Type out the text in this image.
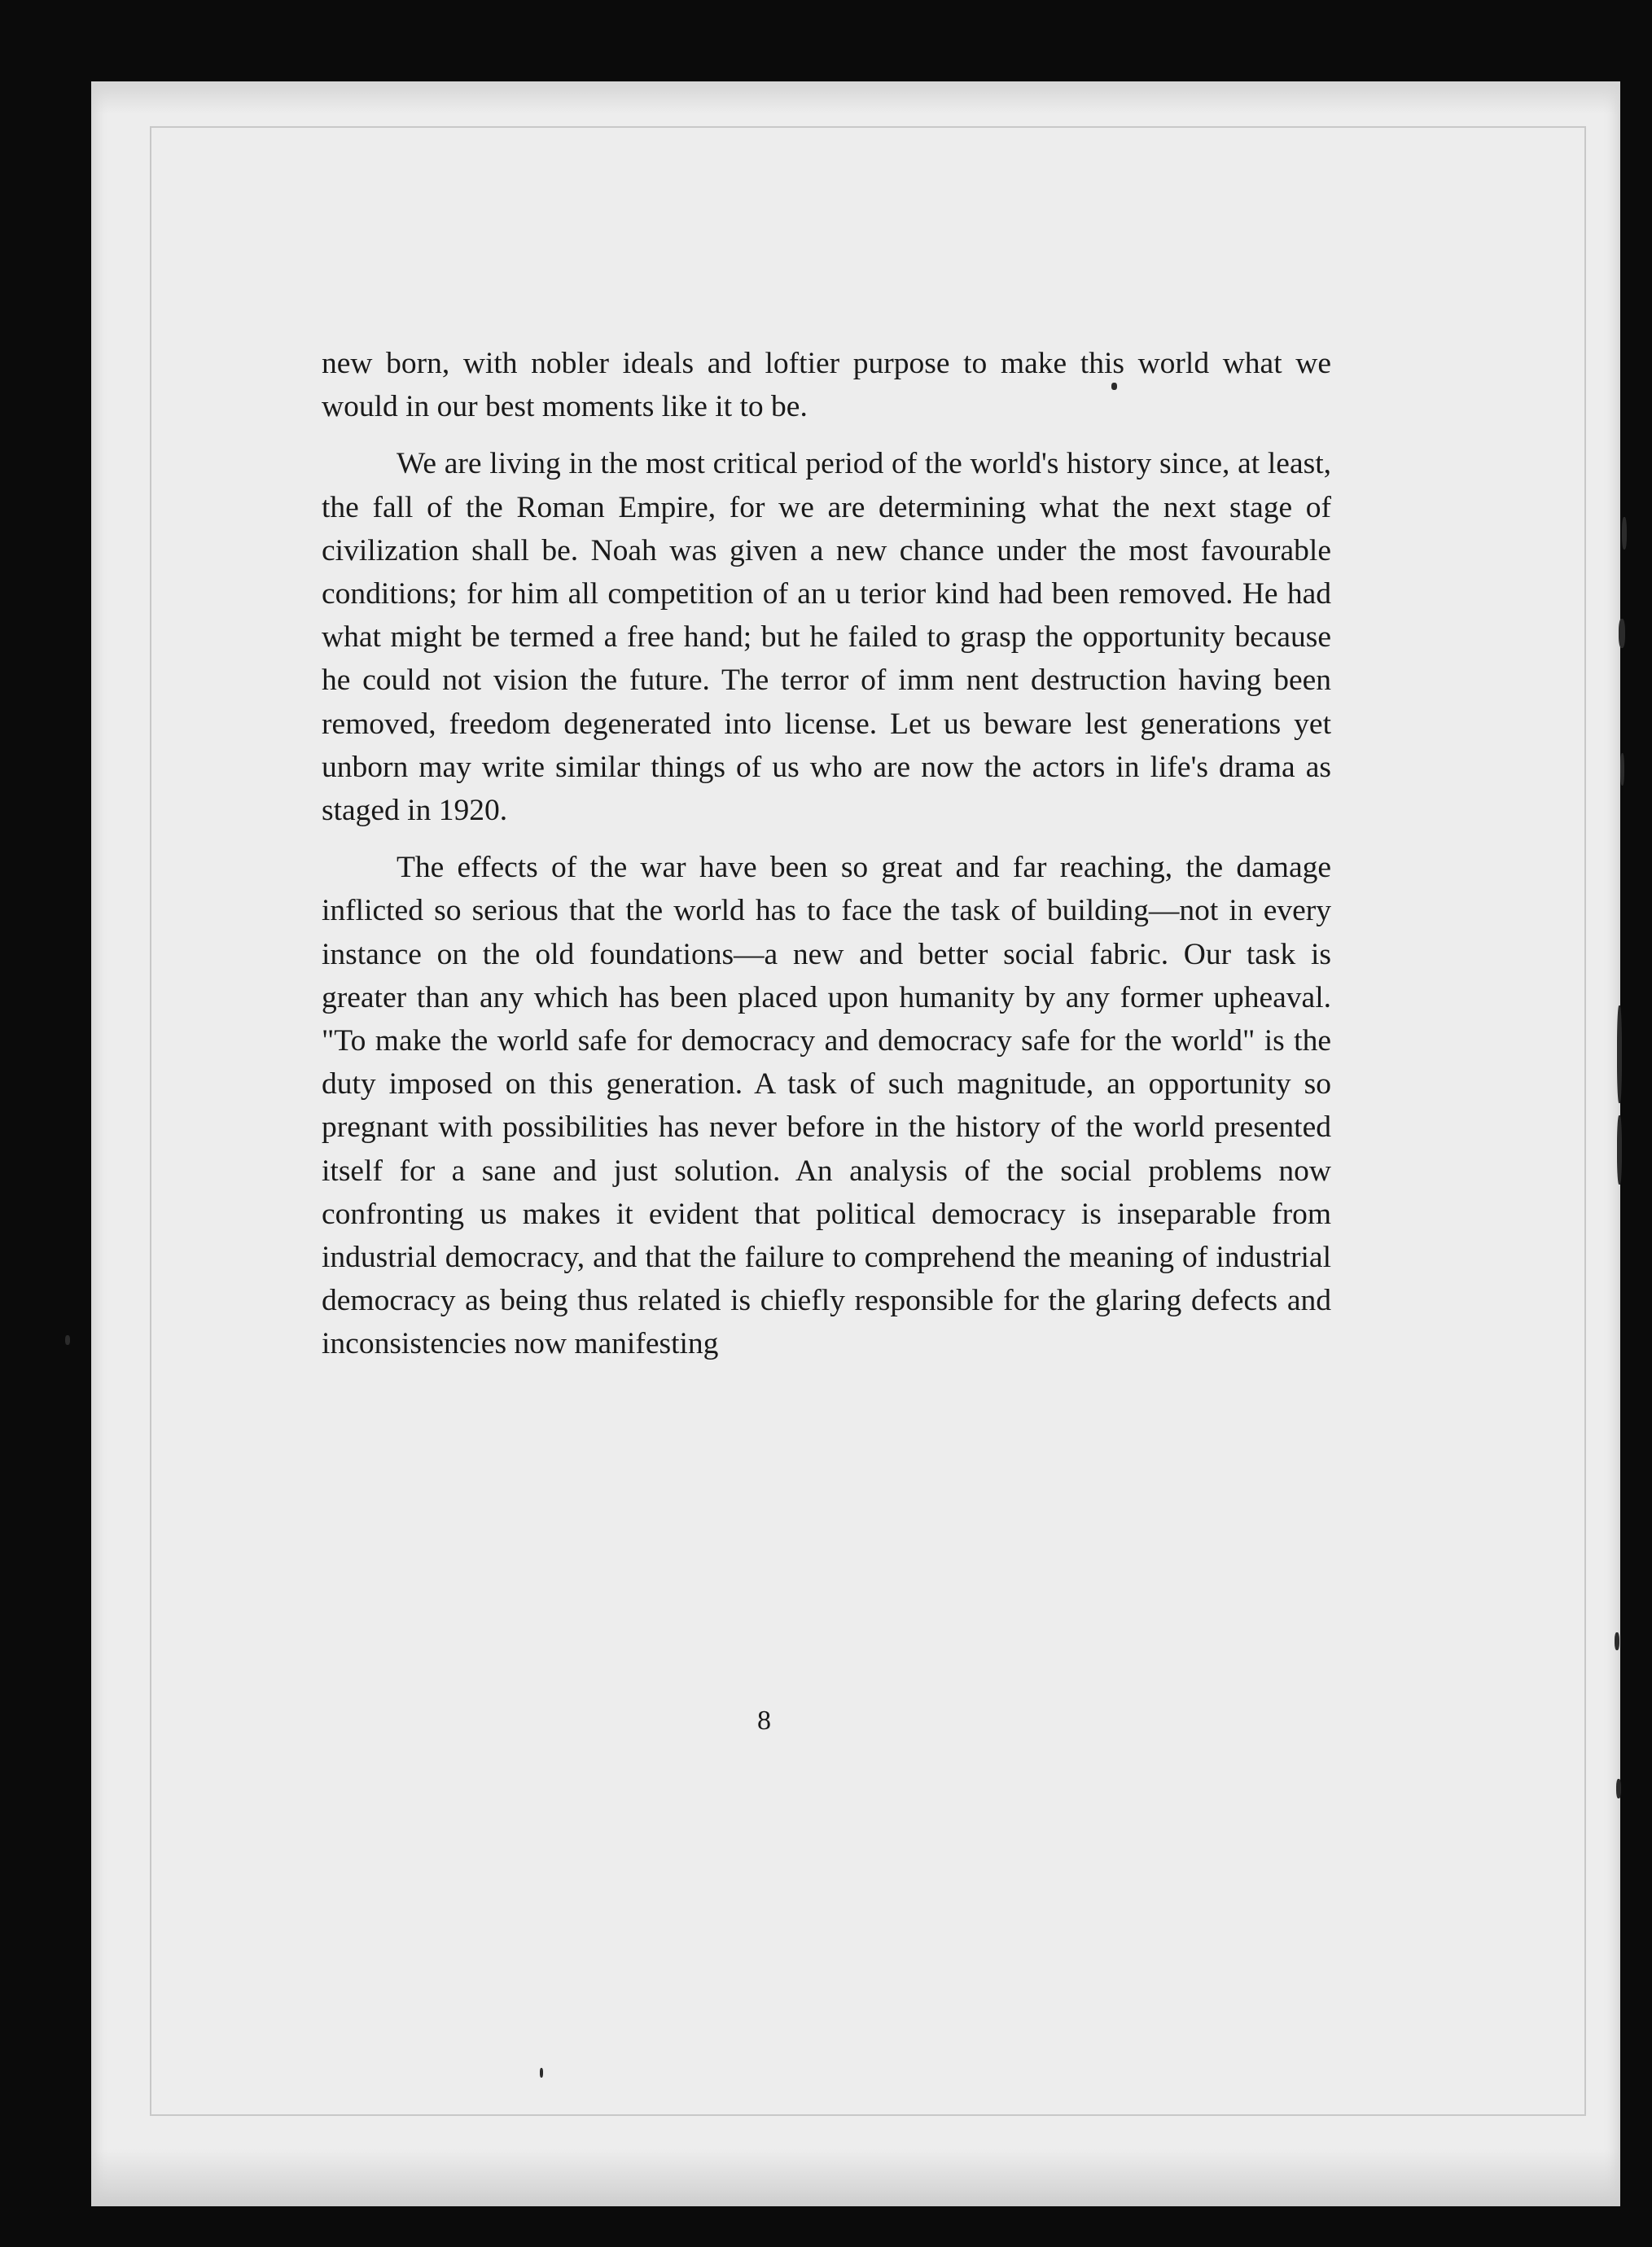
new born, with nobler ideals and loftier purpose to make this world what we would in our best moments like it to be.

We are living in the most critical period of the world's history since, at least, the fall of the Roman Empire, for we are determining what the next stage of civilization shall be. Noah was given a new chance under the most favourable conditions; for him all competition of an u terior kind had been removed. He had what might be termed a free hand; but he failed to grasp the opportunity because he could not vision the future. The terror of imm nent destruction having been removed, freedom degenerated into license. Let us beware lest generations yet unborn may write similar things of us who are now the actors in life's drama as staged in 1920.

The effects of the war have been so great and far reaching, the damage inflicted so serious that the world has to face the task of building—not in every instance on the old foundations—a new and better social fabric. Our task is greater than any which has been placed upon humanity by any former upheaval. "To make the world safe for democracy and democracy safe for the world" is the duty imposed on this generation. A task of such magnitude, an opportunity so pregnant with possibilities has never before in the history of the world presented itself for a sane and just solution. An analysis of the social problems now confronting us makes it evident that political democracy is inseparable from industrial democracy, and that the failure to comprehend the meaning of industrial democracy as being thus related is chiefly responsible for the glaring defects and inconsistencies now manifesting

8
